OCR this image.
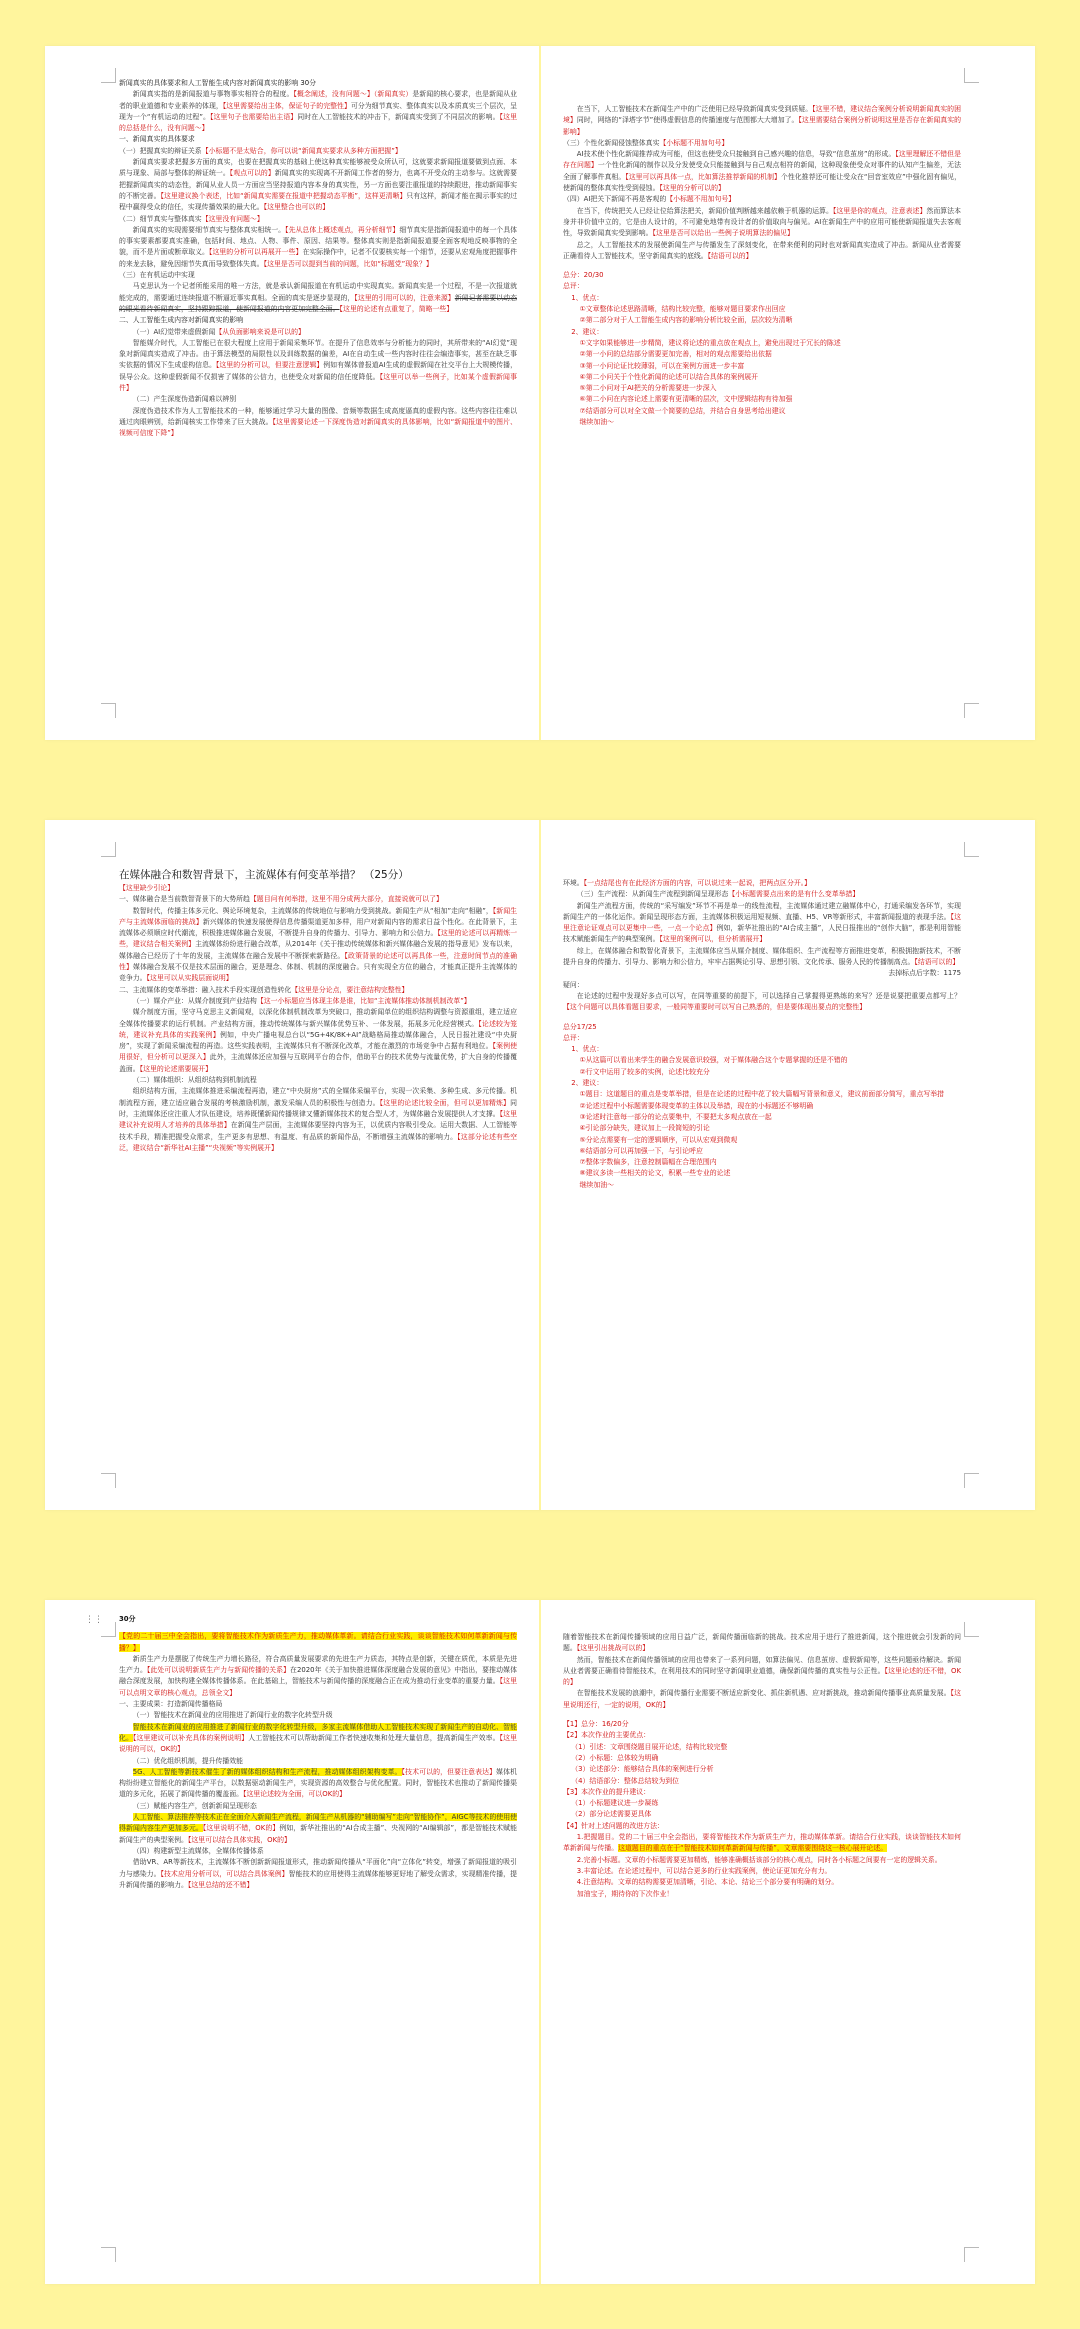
新闻真实的具体要求和人工智能生成内容对新闻真实的影响 30分

新闻真实指的是新闻报道与事物事实相符合的程度。【概念阐述，没有问题～】（新闻真实）是新闻的核心要求，也是新闻从业者的职业道德和专业素养的体现，【这里需要给出主体，保证句子的完整性】可分为细节真实、整体真实以及本质真实三个层次，呈现为一个“有机运动的过程”。【这里句子也需要给出主语】同时在人工智能技术的冲击下，新闻真实受到了不同层次的影响。【这里的总括是什么，没有问题～】

一、新闻真实的具体要求

（一）把握真实的辩证关系【小标题不是太贴合，你可以说“新闻真实要求从多种方面把握”】

新闻真实要求把握多方面的真实，也要在把握真实的基础上使这种真实能够被受众所认可，这就要求新闻报道要做到点面、本质与现象、局部与整体的辩证统一。【观点可以的】新闻真实的实现离不开新闻工作者的努力，也离不开受众的主动参与。这就需要把握新闻真实的动态性，新闻从业人员一方面应当坚持报道内容本身的真实性，另一方面也要注重报道的持续跟进，推动新闻事实的不断完善。【这里建议换个表述，比如“新闻真实需要在报道中把握动态平衡”，这样更清晰】只有这样，新闻才能在揭示事实的过程中赢得受众的信任，实现传播效果的最大化。【这里整合也可以的】

（二）细节真实与整体真实【这里没有问题～】

新闻真实的实现需要细节真实与整体真实相统一。【先从总体上概述观点，再分析细节】细节真实是指新闻报道中的每一个具体的事实要素都要真实准确，包括时间、地点、人物、事件、原因、结果等。整体真实则是指新闻报道要全面客观地反映事物的全貌，而不是片面或断章取义。【这里的分析可以再展开一些】在实际操作中，记者不仅要核实每一个细节，还要从宏观角度把握事件的来龙去脉，避免因细节失真而导致整体失真。【这里是否可以提到当前的问题，比如“标题党”现象？】

（三）在有机运动中实现

马克思认为一个记者所能采用的唯一方法，就是承认新闻报道在有机运动中实现真实。新闻真实是一个过程，不是一次报道就能完成的，需要通过连续报道不断逼近事实真相。全面的真实是逐步显现的，【这里的引用可以的，注意来源】新闻记者需要以动态的眼光看待新闻真实，坚持跟踪报道，使新闻报道的内容更加完整全面。【这里的论述有点重复了，简略一些】

二、人工智能生成内容对新闻真实的影响

（一）AI幻觉带来虚假新闻【从负面影响来说是可以的】

智能媒介时代，人工智能已在很大程度上应用于新闻采集环节。在提升了信息效率与分析能力的同时，其所带来的“AI幻觉”现象对新闻真实造成了冲击。由于算法模型的局限性以及训练数据的偏差，AI在自动生成一些内容时往往会编造事实，甚至在缺乏事实依据的情况下生成虚构信息。【这里的分析可以，但要注意逻辑】例如有媒体曾报道AI生成的虚假新闻在社交平台上大规模传播，误导公众。这种虚假新闻不仅损害了媒体的公信力，也使受众对新闻的信任度降低。【这里可以举一些例子，比如某个虚假新闻事件】

（二）产生深度伪造新闻难以辨别

深度伪造技术作为人工智能技术的一种，能够通过学习大量的图像、音频等数据生成高度逼真的虚假内容。这些内容往往难以通过肉眼辨别，给新闻核实工作带来了巨大挑战。【这里需要论述一下深度伪造对新闻真实的具体影响，比如“新闻报道中的图片、视频可信度下降”】

在当下，人工智能技术在新闻生产中的广泛使用已经导致新闻真实受到质疑。【这里不错，建议结合案例分析说明新闻真实的困境】同时，网络的“泽塔字节”使得虚假信息的传播速度与范围都大大增加了。【这里需要结合案例分析说明这里是否存在新闻真实的影响】

（三）个性化新闻侵蚀整体真实【小标题不用加句号】

AI技术使个性化新闻推荐成为可能，但这也使受众只接触到自己感兴趣的信息，导致“信息茧房”的形成。【这里理解还不错但是存在问题】一个性化新闻的制作以及分发使受众只能接触到与自己观点相符的新闻，这种现象使受众对事件的认知产生偏差，无法全面了解事件真相。【这里可以再具体一点，比如算法推荐新闻的机制】个性化推荐还可能让受众在“回音室效应”中强化固有偏见，使新闻的整体真实性受到侵蚀。【这里的分析可以的】

（四）AI把关下新闻不再是客观的【小标题不用加句号】

在当下，传统把关人已经让位给算法把关，新闻价值判断越来越依赖于机器的运算。【这里是你的观点，注意表述】然而算法本身并非价值中立的，它是由人设计的，不可避免地带有设计者的价值取向与偏见。AI在新闻生产中的应用可能使新闻报道失去客观性，导致新闻真实受到影响。【这里是否可以给出一些例子说明算法的偏见】

总之，人工智能技术的发展使新闻生产与传播发生了深刻变化，在带来便利的同时也对新闻真实造成了冲击。新闻从业者需要正确看待人工智能技术，坚守新闻真实的底线。【结语可以的】

总分：20/30

总评：

1、优点：

①文章整体论述思路清晰，结构比较完整，能够对题目要求作出回应

②第二部分对于人工智能生成内容的影响分析比较全面，层次较为清晰

2、建议：

①文字如果能够进一步精简，建议将论述的重点放在观点上，避免出现过于冗长的陈述

②第一小问的总结部分需要更加完善，相对的观点需要给出依据

③第一小问论证比较薄弱，可以在案例方面进一步丰富

④第二小问关于个性化新闻的论述可以结合具体的案例展开

⑤第二小问对于AI把关的分析需要进一步深入

⑥第二小问在内容论述上需要有更清晰的层次，文中逻辑结构有待加强

⑦结语部分可以对全文做一个简要的总结，并结合自身思考给出建议

继续加油～

在媒体融合和数智背景下，主流媒体有何变革举措？ （25分）

【这里缺少引论】

一、媒体融合是当前数智背景下的大势所趋【题目问有何举措，这里不用分成两大部分，直接说就可以了】

数智时代，传播主体多元化、舆论环境复杂，主流媒体的传统地位与影响力受到挑战。新闻生产从“相加”走向“相融”，【新闻生产与主流媒体面临的挑战】新兴媒体的快速发展使得信息传播渠道更加多样，用户对新闻内容的需求日益个性化。在此背景下，主流媒体必须顺应时代潮流，积极推进媒体融合发展，不断提升自身的传播力、引导力、影响力和公信力。【这里的论述可以再精炼一些，建议结合相关案例】主流媒体纷纷进行融合改革，从2014年《关于推动传统媒体和新兴媒体融合发展的指导意见》发布以来，媒体融合已经历了十年的发展，主流媒体在融合发展中不断探索新路径。【政策背景的论述可以再具体一些，注意时间节点的准确性】媒体融合发展不仅是技术层面的融合，更是理念、体制、机制的深度融合。只有实现全方位的融合，才能真正提升主流媒体的竞争力。【这里可以从实践层面说明】

二、主流媒体的变革举措：融入技术手段实现创造性转化【这里是分论点，要注意结构完整性】

（一）媒介产业：从媒介制度到产业结构【这一小标题应当体现主体是谁，比如“主流媒体推动体制机制改革”】

媒介制度方面，坚守马克思主义新闻观，以深化体制机制改革为突破口，推动新闻单位的组织结构调整与资源重组，建立适应全媒体传播要求的运行机制。产业结构方面，推动传统媒体与新兴媒体优势互补、一体发展，拓展多元化经营模式。【论述较为笼统，建议补充具体的实践案例】例如，中央广播电视总台以“5G+4K/8K+AI”战略格局推动媒体融合，人民日报社建设“中央厨房”，实现了新闻采编流程的再造。这些实践表明，主流媒体只有不断深化改革，才能在激烈的市场竞争中占据有利地位。【案例使用很好，但分析可以更深入】此外，主流媒体还应加强与互联网平台的合作，借助平台的技术优势与流量优势，扩大自身的传播覆盖面。【这里的论述需要展开】

（二）媒体组织：从组织结构到机制流程

组织结构方面，主流媒体推进采编流程再造，建立“中央厨房”式的全媒体采编平台，实现一次采集、多种生成、多元传播。机制流程方面，建立适应融合发展的考核激励机制，激发采编人员的积极性与创造力。【这里的论述比较全面，但可以更加精炼】同时，主流媒体还应注重人才队伍建设，培养既懂新闻传播规律又懂新媒体技术的复合型人才，为媒体融合发展提供人才支撑。【这里建议补充说明人才培养的具体举措】在新闻生产层面，主流媒体要坚持内容为王，以优质内容吸引受众。运用大数据、人工智能等技术手段，精准把握受众需求，生产更多有思想、有温度、有品质的新闻作品，不断增强主流媒体的影响力。【这部分论述有些空泛，建议结合“新华社AI主播”“央视频”等实例展开】

环境。【一点结尾也有在此经济方面的内容，可以说过来一起说，把两点区分开。】

（三）生产流程：从新闻生产流程到新闻呈现形态【小标题需要点出来的是有什么变革举措】

新闻生产流程方面，传统的“采写编发”环节不再是单一的线性流程，主流媒体通过建立融媒体中心，打通采编发各环节，实现新闻生产的一体化运作。新闻呈现形态方面，主流媒体积极运用短视频、直播、H5、VR等新形式，丰富新闻报道的表现手法。【这里注意论证观点可以更集中一些，一点一个论点】例如，新华社推出的“AI合成主播”，人民日报推出的“创作大脑”，都是利用智能技术赋能新闻生产的典型案例。【这里的案例可以，但分析需展开】

综上，在媒体融合和数智化背景下，主流媒体应当从媒介制度、媒体组织、生产流程等方面推进变革，积极拥抱新技术，不断提升自身的传播力、引导力、影响力和公信力，牢牢占据舆论引导、思想引领、文化传承、服务人民的传播制高点。【结语可以的】

去掉标点后字数：1175

疑问：

在论述的过程中发现好多点可以写，在同等重要的前提下，可以选择自己掌握得更熟练的来写？还是说要把重要点都写上？【这个问题可以具体看题目要求，一般同等重要时可以写自己熟悉的，但是要体现出要点的完整性】

总分17/25

总评：

1、优点：

①从这篇可以看出来学生的融合发展意识较强，对于媒体融合这个专题掌握的还是不错的

②行文中运用了较多的实例，论述比较充分

2、建议：

①题目：这道题目的重点是变革举措，但是在论述的过程中花了较大篇幅写背景和意义，建议前面部分简写，重点写举措

②论述过程中小标题需要体现变革的主体以及举措，现在的小标题还不够明确

③论述时注意每一部分的论点要集中，不要把太多观点放在一起

④引论部分缺失，建议加上一段简短的引论

⑤分论点需要有一定的逻辑顺序，可以从宏观到微观

⑥结语部分可以再加强一下，与引论呼应

⑦整体字数偏多，注意控制篇幅在合理范围内

⑧建议多读一些相关的论文，积累一些专业的论述

继续加油～

⋮⋮ 30分

【党的二十届三中全会指出，要将智能技术作为新质生产力，推动媒体革新。请结合行业实践，谈谈智能技术如何革新新闻与传播？】

新质生产力是摆脱了传统生产力增长路径，符合高质量发展要求的先进生产力质态，其特点是创新，关键在质优，本质是先进生产力。【此处可以说明新质生产力与新闻传播的关系】在2020年《关于加快推进媒体深度融合发展的意见》中指出，要推动媒体融合深度发展，加快构建全媒体传播体系。在此基础上，智能技术与新闻传播的深度融合正在成为推动行业变革的重要力量。【这里可以点明文章的核心观点，总领全文】

一、主要成果：打造新闻传播格局

（一）智能技术在新闻业的应用推进了新闻行业的数字化转型升级

智能技术在新闻业的应用推进了新闻行业的数字化转型升级，多家主流媒体借助人工智能技术实现了新闻生产的自动化、智能化。【这里建议可以补充具体的案例说明】人工智能技术可以帮助新闻工作者快速收集和处理大量信息，提高新闻生产效率。【这里说明的可以，OK的】

（二）优化组织机制，提升传播效能

5G、人工智能等新技术催生了新的媒体组织结构和生产流程，推动媒体组织架构变革。【技术可以的，但要注意表达】媒体机构纷纷建立智能化的新闻生产平台，以数据驱动新闻生产，实现资源的高效整合与优化配置。同时，智能技术也推动了新闻传播渠道的多元化，拓展了新闻传播的覆盖面。【这里论述较为全面，可以OK的】

（三）赋能内容生产，创新新闻呈现形态

人工智能、算法推荐等技术正在全面介入新闻生产流程，新闻生产从机器的“辅助编写”走向“智能协作”，AIGC等技术的使用使得新闻内容生产更加多元。【这里说明不错，OK的】例如，新华社推出的“AI合成主播”、央视网的“AI编辑部”，都是智能技术赋能新闻生产的典型案例。【这里可以结合具体实践，OK的】

（四）构建新型主流媒体，全媒体传播体系

借助VR、AR等新技术，主流媒体不断创新新闻报道形式，推动新闻传播从“平面化”向“立体化”转变，增强了新闻报道的吸引力与感染力。【技术应用分析可以，可以结合具体案例】智能技术的应用使得主流媒体能够更好地了解受众需求，实现精准传播，提升新闻传播的影响力。【这里总结的还不错】

随着智能技术在新闻传播领域的应用日益广泛，新闻传播面临新的挑战。技术应用于进行了推进新闻，这个推进就会引发新的问题。【这里引出挑战可以的】

然而，智能技术在新闻传播领域的应用也带来了一系列问题，如算法偏见、信息茧房、虚假新闻等，这些问题亟待解决。新闻从业者需要正确看待智能技术，在利用技术的同时坚守新闻职业道德，确保新闻传播的真实性与公正性。【这里论述的还不错，OK的】

在智能技术发展的浪潮中，新闻传播行业需要不断适应新变化、抓住新机遇、应对新挑战，推动新闻传播事业高质量发展。【这里说明还行，一定的说明，OK的】

【1】总分：16/20分

【2】本次作业的主要优点：

（1）引述：文章围绕题目展开论述，结构比较完整

（2）小标题：总体较为明确

（3）论述部分：能够结合具体的案例进行分析

（4）结语部分：整体总结较为到位

【3】本次作业的提升建议：

（1）小标题建议进一步凝练

（2）部分论述需要更具体

【4】针对上述问题的改进方法：

1.把握题目。党的二十届三中全会指出，要将智能技术作为新质生产力，推动媒体革新。请结合行业实践，谈谈智能技术如何革新新闻与传播。这道题目的重点在于“智能技术如何革新新闻与传播”，文章需要围绕这一核心展开论述。

2.完善小标题。文章的小标题需要更加精炼，能够准确概括该部分的核心观点，同时各小标题之间要有一定的逻辑关系。

3.丰富论述。在论述过程中，可以结合更多的行业实践案例，使论证更加充分有力。

4.注意结构。文章的结构需要更加清晰，引论、本论、结论三个部分要有明确的划分。

加油宝子，期待你的下次作业！
